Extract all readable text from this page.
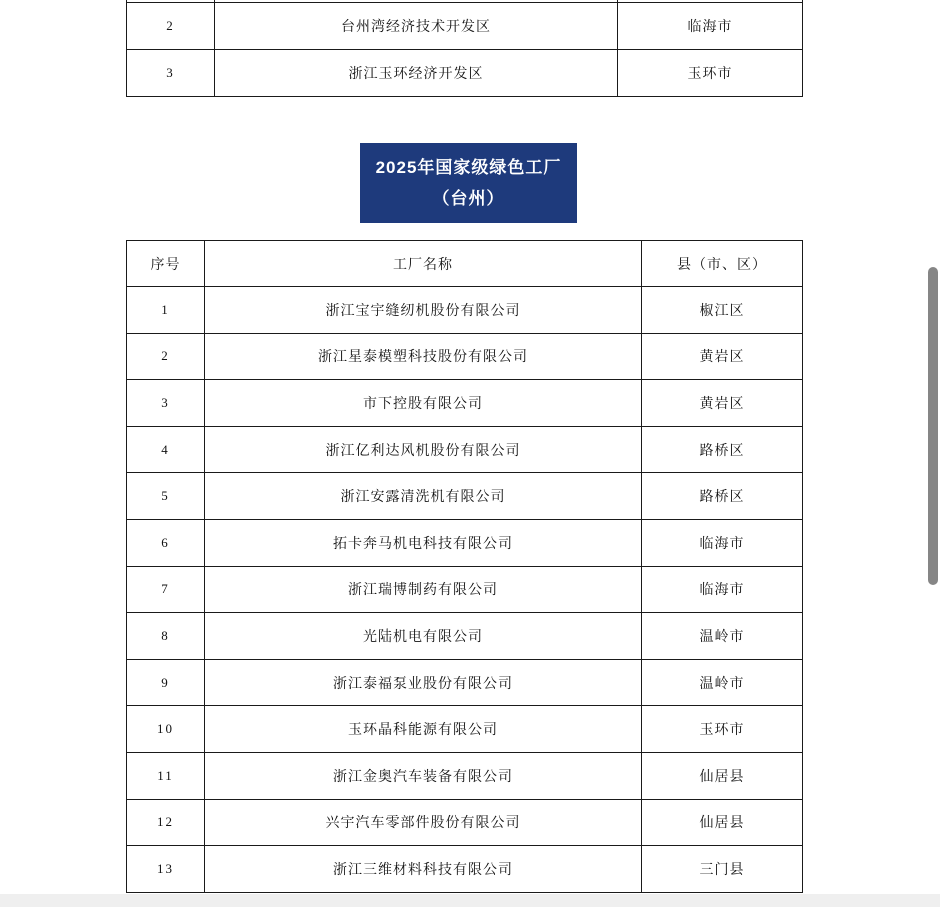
2	台州湾经济技术开发区	临海市
3	浙江玉环经济开发区	玉环市
2025年国家级绿色工厂
（台州）
序号	工厂名称	县（市、区）
1	浙江宝宇缝纫机股份有限公司	椒江区
2	浙江星泰模塑科技股份有限公司	黄岩区
3	市下控股有限公司	黄岩区
4	浙江亿利达风机股份有限公司	路桥区
5	浙江安露清洗机有限公司	路桥区
6	拓卡奔马机电科技有限公司	临海市
7	浙江瑞博制药有限公司	临海市
8	光陆机电有限公司	温岭市
9	浙江泰福泵业股份有限公司	温岭市
10	玉环晶科能源有限公司	玉环市
11	浙江金奥汽车装备有限公司	仙居县
12	兴宇汽车零部件股份有限公司	仙居县
13	浙江三维材料科技有限公司	三门县
